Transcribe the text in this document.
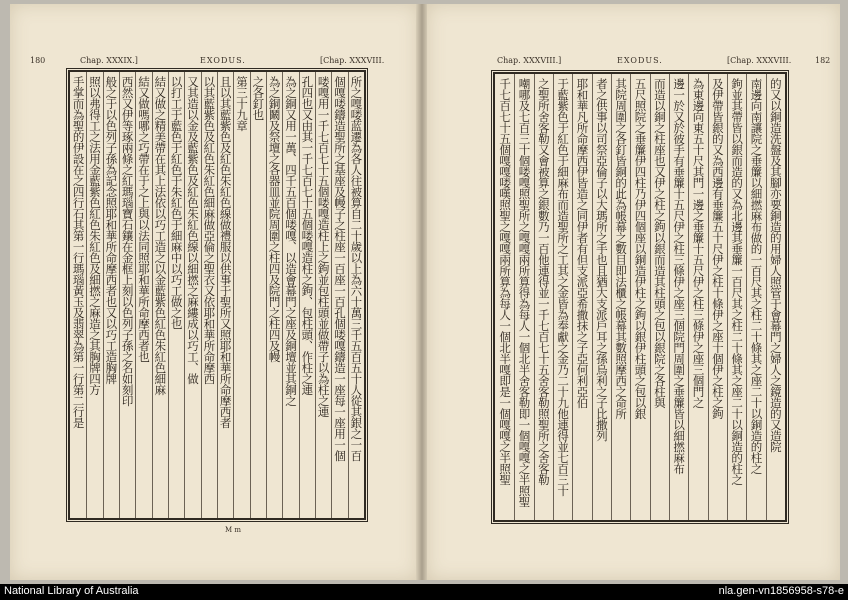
180	Chap. XXXIX.]	EXODUS.	[Chap. XXXVIII.
所之嘎喽蓝遷為各人往被算自二十歲以上為六十萬三千五百五十人從其銀之一百
個嘎喽鑄造聖所之基座及幔子之柱座一百座一百孔個喽嘎鑄造一座每一座用一個
喽嘎用一千七百七十五個喽嘎造柱上之鉤並包柱頭並做帶子以為柱之連
孔四也又由其一千七百七十五個喽嘎造柱之鉤、包柱頭、作柱之連
為之銅又用一萬、四千五百個喽嘎、以造會幕門之座及銅壇並其銅之
為之銅鬫及祭壇之各器皿並院周圍之柱四及院門之柱四及幔
之各釘也
第三十九章
且以其藍紫色及紅色朱紅色線做禮服以供事于聖所又照耶和華所命摩西者
以其藍紫色及紅色朱紅色細麻做亞倫之聖衣又依耶和華所命摩西
又其造以金及藍紫色及紅色朱紅色線以細撚之麻縷成以巧工、做
以打工于藍色于紅色于朱紅色于細麻中以巧工做之也
結又做之精美帶在其上法依以巧工造之以金藍紫色紅色朱紅色細麻
結又做嗎哪之巧帶在于之上與以法同照耶和華所命摩西者也
西然又伊等琢兩條之紅瑪瑙寶石鑲在金框上刻以色列子孫之名如刻印
般之于以色列子孫為記念照耶和華所命摩西者也又以巧工造胸牌
照以弗得工之法用金藍紫色紅色朱紅色及細撚之麻造之其胸牌四方
手掌而為聖的伊設在之四行石其第一行瑪瑙黃玉及翡翠為第一行第二行是
M m
Chap. XXXVIII.]	EXODUS.	[Chap. XXXVIII.	182
的又以銅造洗盤及其腳亦要銅造的用婦人照管于會幕門之婦人之鏡造的又造院
南邊向南讓院之垂簾以細撚麻布做的一百尺其之柱二十條其之座二十以銅造的柱之
鉤並其帶皆以銀而造的又為北邊其垂簾一百尺其之柱二十條其之座二十以銅造的柱之
及伊帶皆銀的又為西邊有垂簾五十尺伊之柱十條伊之座十個伊之柱之鉤
為東邊向東五十尺其門一邊之垂簾十五尺伊之柱三條伊之座三個門之
邊一於又於彼手有垂簾十五尺伊之柱三條伊之座三個院門周圍之垂簾皆以細撚麻布
而造以銅之柱座也又伊之柱之鉤以銀而造其柱頭之包以銀院之各柱與
五尺照院之垂簾伊四柱乃伊四個座以銅造伊柱之鉤以銀伊柱頭之包以銀
其院周圍之各釘皆銅的此為帳幕之數目即法櫃之帳幕其數照摩西之命所
者之供事以司祭亞倫子以大瑪所之手也且猶大支派戶耳之孫烏利之子比撒列
耶和華凡所命摩西伊皆造之同伊者有但支派亞希撒抹之子亞何利亞伯
于藍紫色于紅色于細麻布而造聖所之工其之金皆為奉獻之金乃二十九他連得並七百三十
之聖所舍客勒又會被算之銀數乃一百他連得並一千七百七十五舍客勒照聖所之舍客勒
嘲哪及七百三十個喽嘎照聖所之嘎嘎兩所算得為每人一個北半舍客勒即一個嘎嘎之半照聖
千七百七十五個嘎嘎喽嘆照聖之嘎嘎兩所算為每人一個北半嘎即是一個嘎嘎之半照聖
National Library of Australia	nla.gen-vn1856958-s78-e
